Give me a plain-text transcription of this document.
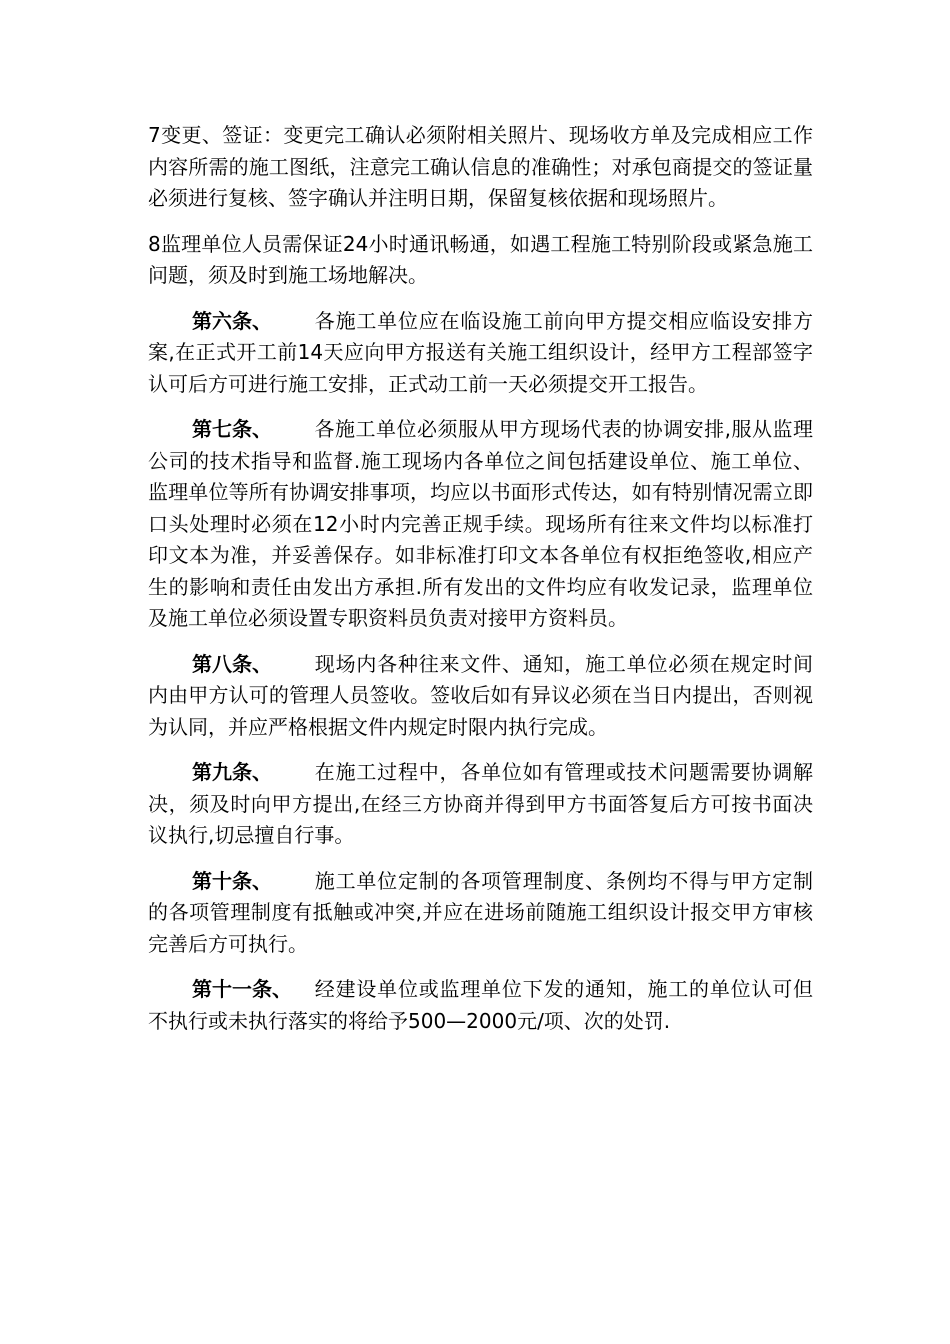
7变更、签证：变更完工确认必须附相关照片、现场收方单及完成相应工作内容所需的施工图纸，注意完工确认信息的准确性；对承包商提交的签证量必须进行复核、签字确认并注明日期，保留复核依据和现场照片。

8监理单位人员需保证24小时通讯畅通，如遇工程施工特别阶段或紧急施工问题，须及时到施工场地解决。

第六条、 各施工单位应在临设施工前向甲方提交相应临设安排方案,在正式开工前14天应向甲方报送有关施工组织设计，经甲方工程部签字认可后方可进行施工安排，正式动工前一天必须提交开工报告。

第七条、 各施工单位必须服从甲方现场代表的协调安排,服从监理公司的技术指导和监督.施工现场内各单位之间包括建设单位、施工单位、监理单位等所有协调安排事项，均应以书面形式传达，如有特别情况需立即口头处理时必须在12小时内完善正规手续。现场所有往来文件均以标准打印文本为准，并妥善保存。如非标准打印文本各单位有权拒绝签收,相应产生的影响和责任由发出方承担.所有发出的文件均应有收发记录，监理单位及施工单位必须设置专职资料员负责对接甲方资料员。

第八条、 现场内各种往来文件、通知，施工单位必须在规定时间内由甲方认可的管理人员签收。签收后如有异议必须在当日内提出，否则视为认同，并应严格根据文件内规定时限内执行完成。

第九条、 在施工过程中，各单位如有管理或技术问题需要协调解决，须及时向甲方提出,在经三方协商并得到甲方书面答复后方可按书面决议执行,切忌擅自行事。

第十条、 施工单位定制的各项管理制度、条例均不得与甲方定制的各项管理制度有抵触或冲突,并应在进场前随施工组织设计报交甲方审核完善后方可执行。

第十一条、 经建设单位或监理单位下发的通知，施工的单位认可但不执行或未执行落实的将给予500—2000元/项、次的处罚.
